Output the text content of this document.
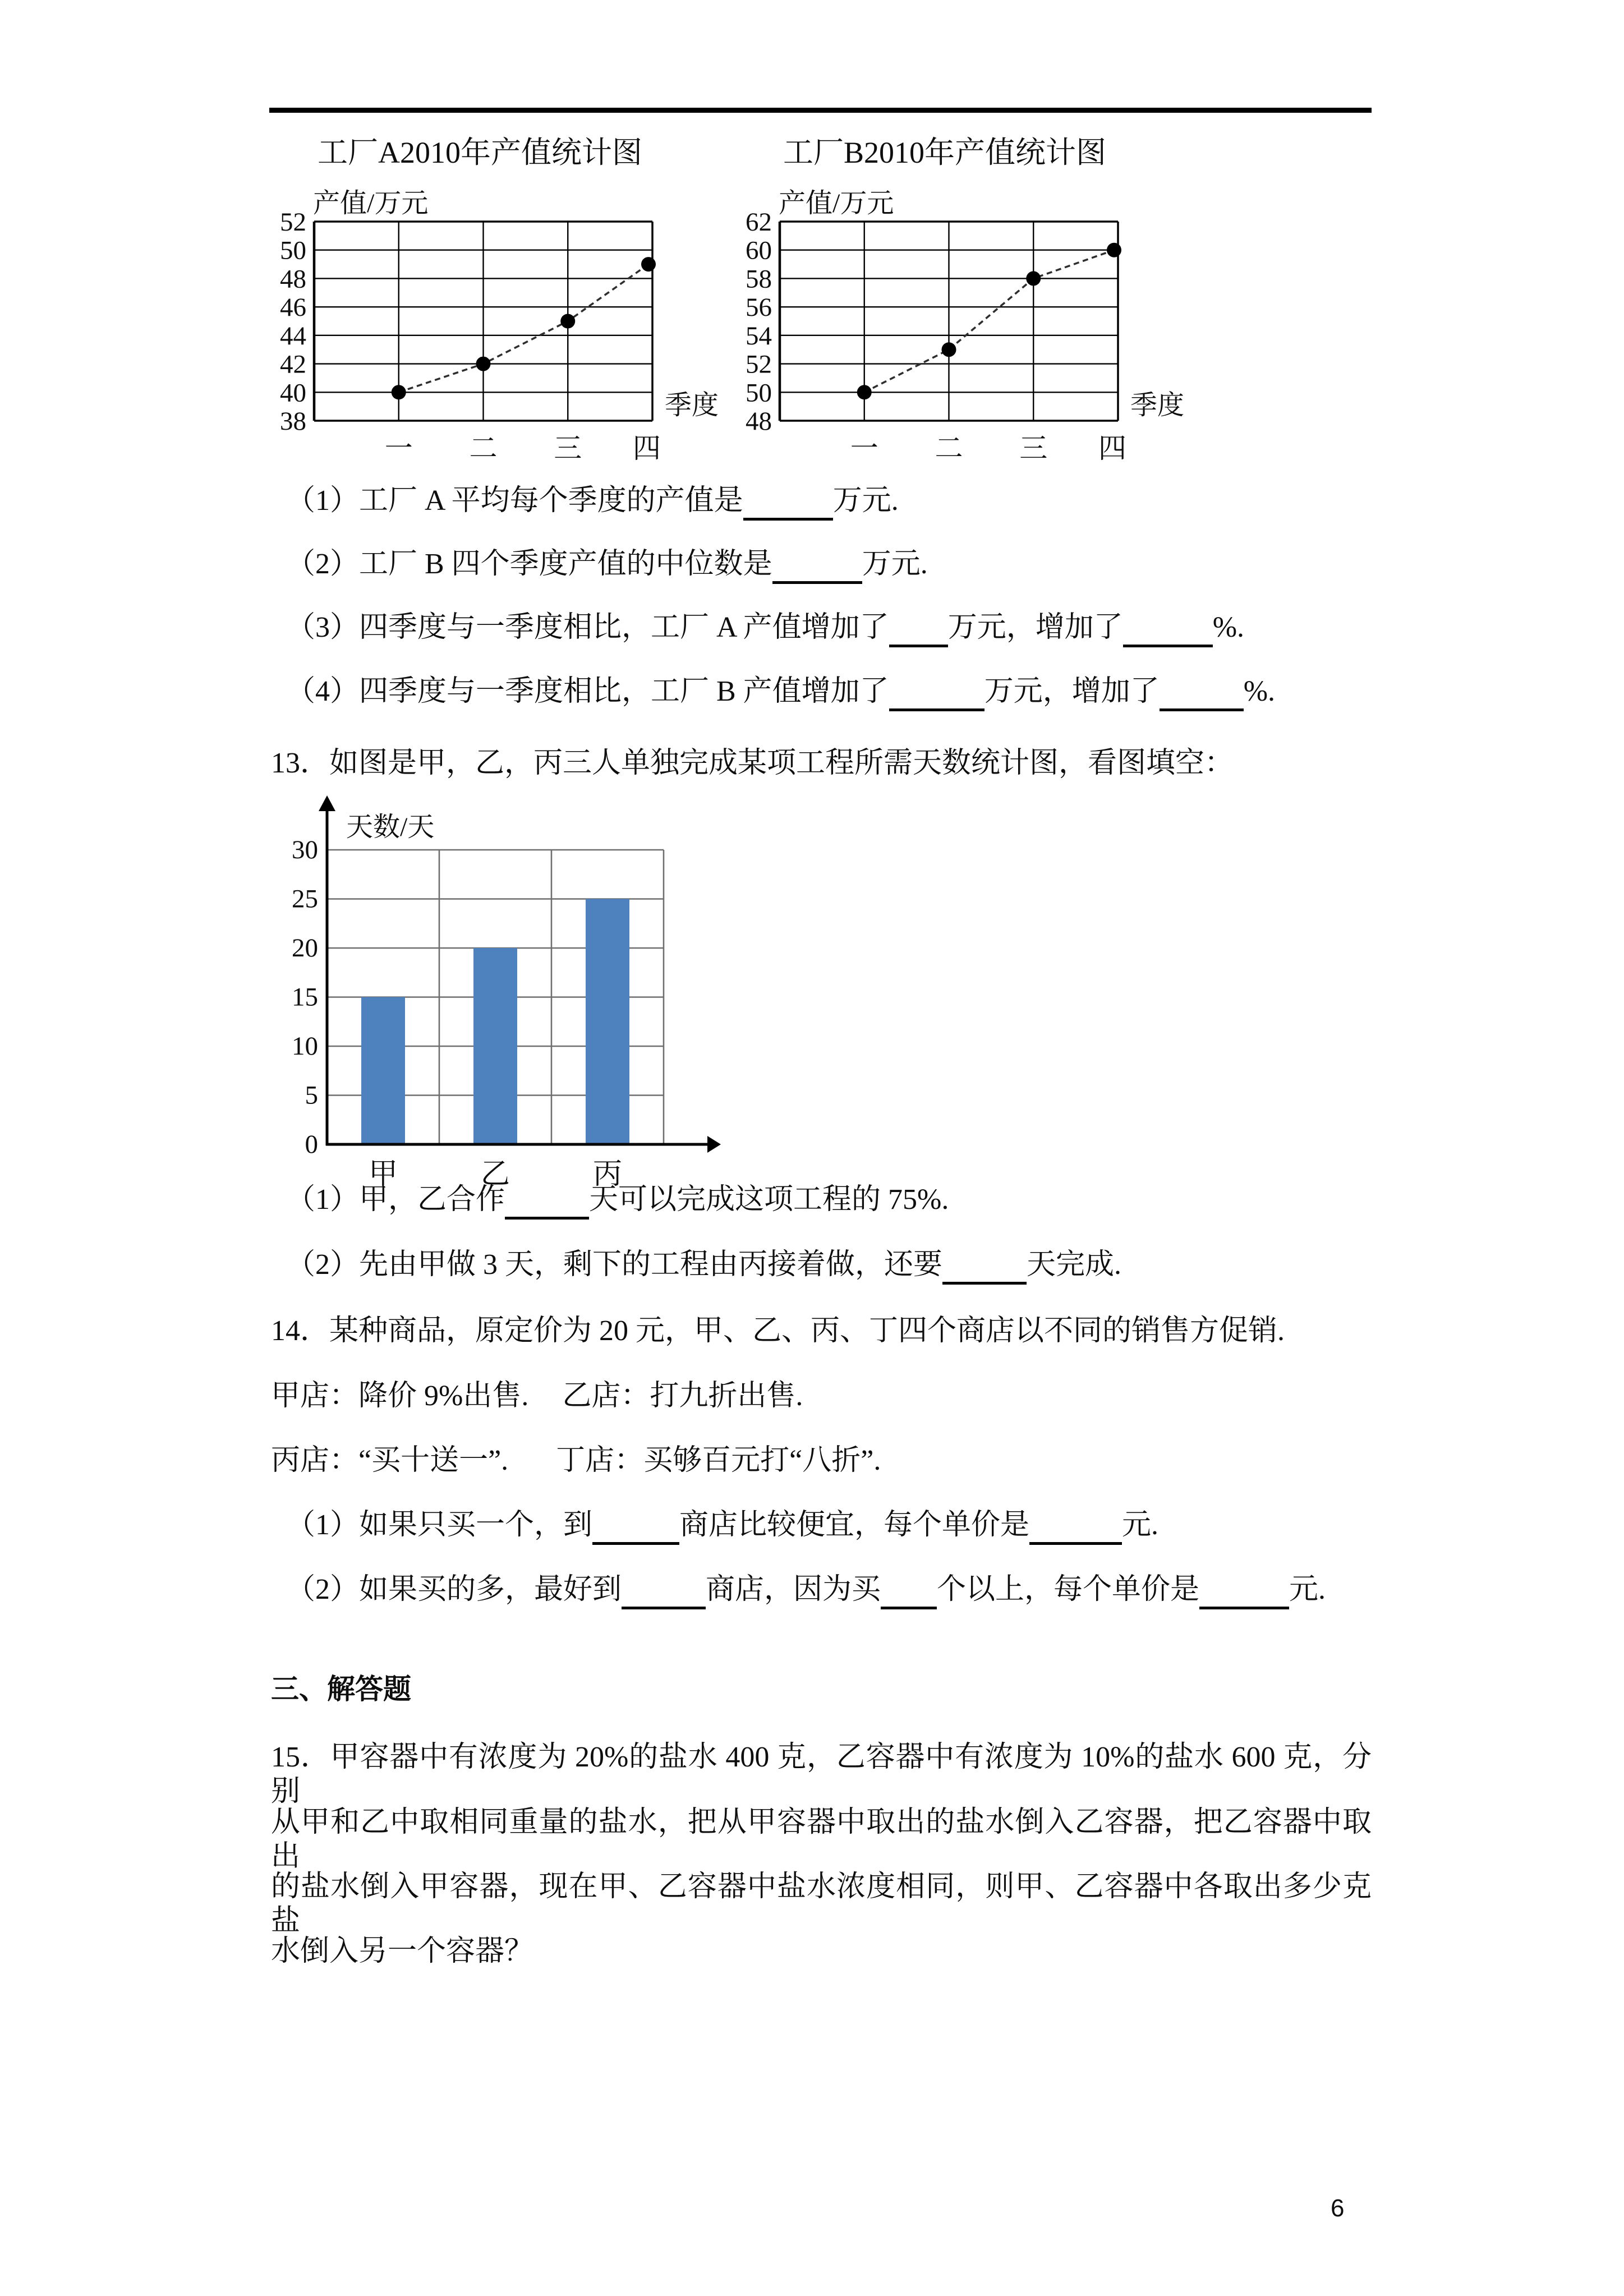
工厂A2010年产值统计图
产值/万元
52
50
48
46
44
42
40
38
一 二 三 四
季度
工厂B2010年产值统计图
产值/万元
62
60
58
56
54
52
50
48
一 二 三 四
季度
（1）工厂 A 平均每个季度的产值是	万元.
（2）工厂 B 四个季度产值的中位数是	万元.
（3）四季度与一季度相比，工厂 A 产值增加了 万元，增加了	%.
（4）四季度与一季度相比，工厂 B 产值增加了	万元，增加了	%.
13．如图是甲，乙，丙三人单独完成某项工程所需天数统计图，看图填空：
0
5
10
15
20
25
30
天数/天
甲	乙	丙
（1）甲，乙合作	天可以完成这项工程的 75%.
（2）先由甲做 3 天，剩下的工程由丙接着做，还要	天完成.
14．某种商品，原定价为 20 元，甲、乙、丙、丁四个商店以不同的销售方促销.
甲店：降价 9%出售. 乙店：打九折出售.
丙店：“买十送一”. 丁店：买够百元打“八折”.
（1）如果只买一个，到	商店比较便宜，每个单价是	元.
（2）如果买的多，最好到	商店，因为买 个以上，每个单价是	元.
三、解答题
15．甲容器中有浓度为 20%的盐水 400 克，乙容器中有浓度为 10%的盐水 600 克，分别
从甲和乙中取相同重量的盐水，把从甲容器中取出的盐水倒入乙容器，把乙容器中取出
的盐水倒入甲容器，现在甲、乙容器中盐水浓度相同，则甲、乙容器中各取出多少克盐
水倒入另一个容器？
6
